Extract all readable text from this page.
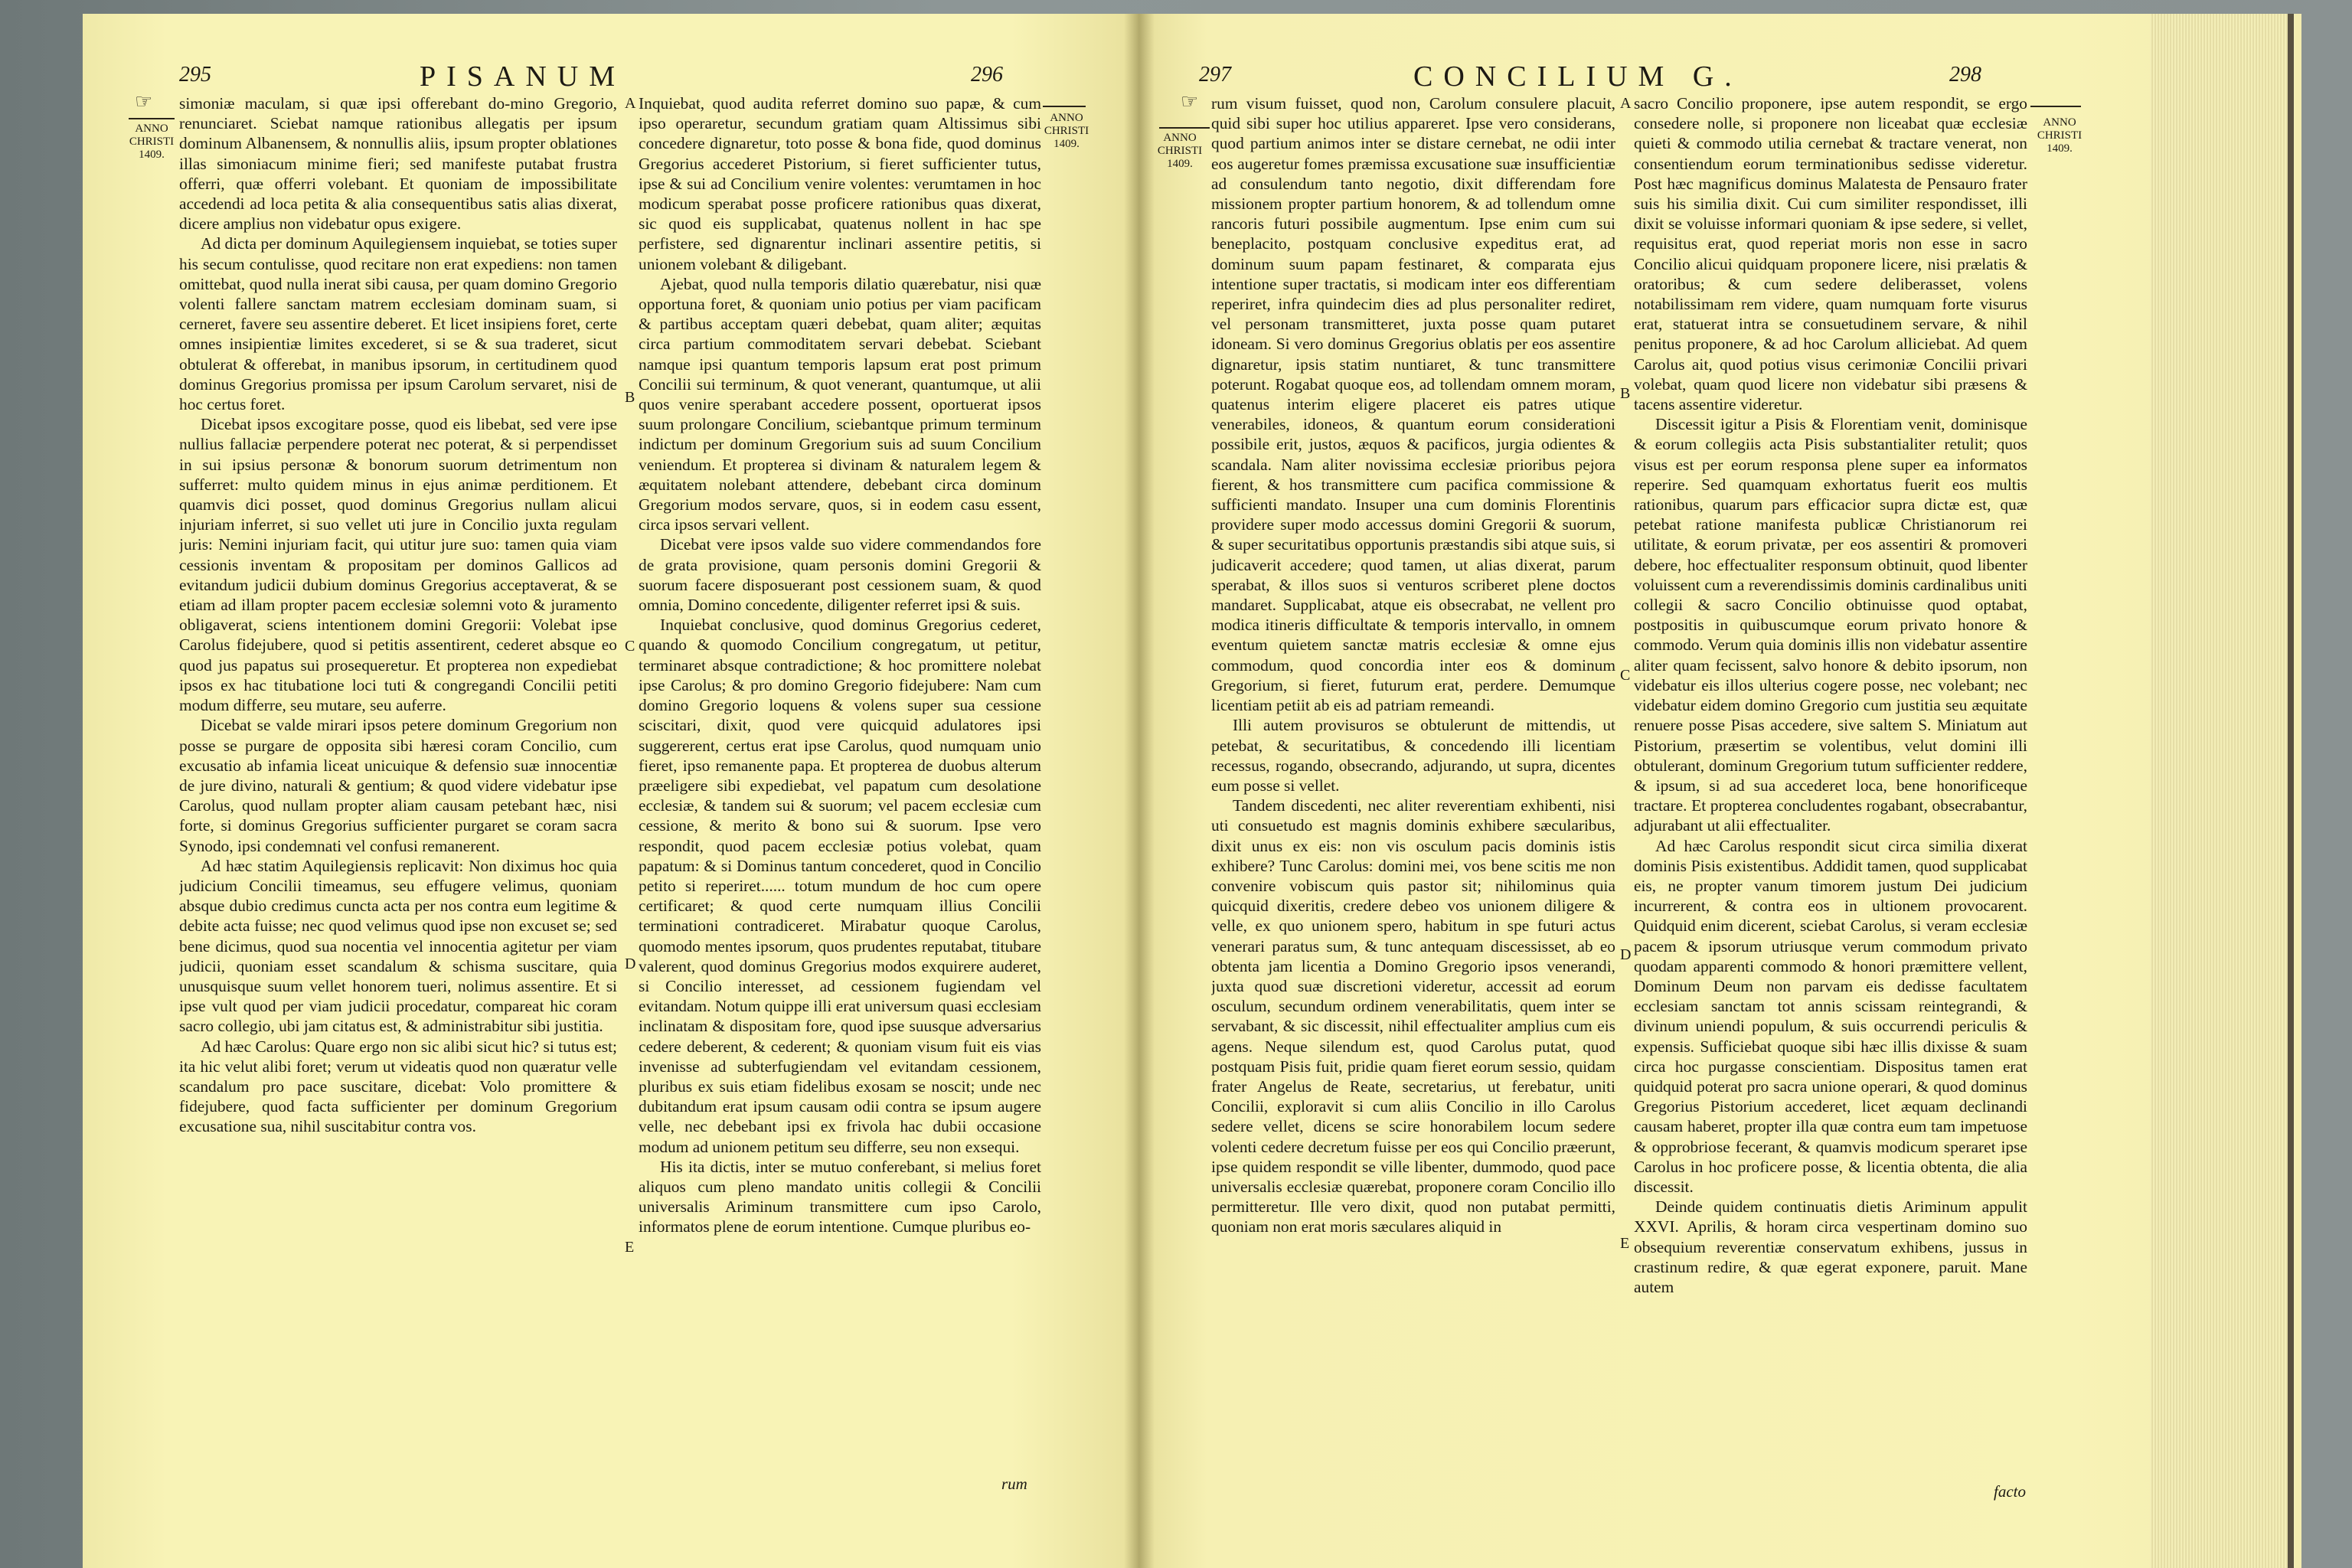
295	PISANUM	296
☞
ANNO
CHRISTI
1409.

simoniæ maculam, si quæ ipsi offerebant do-mino Gregorio, renunciaret. Sciebat namque rationibus allegatis per ipsum dominum Albanensem, & nonnullis aliis, ipsum propter oblationes illas simoniacum minime fieri; sed manifeste putabat frustra offerri, quæ offerri volebant. Et quoniam de impossibilitate accedendi ad loca petita & alia consequentibus satis alias dixerat, dicere amplius non videbatur opus exigere.

Ad dicta per dominum Aquilegiensem inquiebat, se toties super his secum contulisse, quod recitare non erat expediens: non tamen omittebat, quod nulla inerat sibi causa, per quam domino Gregorio volenti fallere sanctam matrem ecclesiam dominam suam, si cerneret, favere seu assentire deberet. Et licet insipiens foret, certe omnes insipientiæ limites excederet, si se & sua traderet, sicut obtulerat & offerebat, in manibus ipsorum, in certitudinem quod dominus Gregorius promissa per ipsum Carolum servaret, nisi de hoc certus foret.

Dicebat ipsos excogitare posse, quod eis libebat, sed vere ipse nullius fallaciæ perpendere poterat nec poterat, & si perpendisset in sui ipsius personæ & bonorum suorum detrimentum non sufferret: multo quidem minus in ejus animæ perditionem. Et quamvis dici posset, quod dominus Gregorius nullam alicui injuriam inferret, si suo vellet uti jure in Concilio juxta regulam juris: Nemini injuriam facit, qui utitur jure suo: tamen quia viam cessionis inventam & propositam per dominos Gallicos ad evitandum judicii dubium dominus Gregorius acceptaverat, & se etiam ad illam propter pacem ecclesiæ solemni voto & juramento obligaverat, sciens intentionem domini Gregorii: Volebat ipse Carolus fidejubere, quod si petitis assentirent, cederet absque eo quod jus papatus sui prosequeretur. Et propterea non expediebat ipsos ex hac titubatione loci tuti & congregandi Concilii petiti modum differre, seu mutare, seu auferre.

Dicebat se valde mirari ipsos petere dominum Gregorium non posse se purgare de opposita sibi hæresi coram Concilio, cum excusatio ab infamia liceat unicuique & defensio suæ innocentiæ de jure divino, naturali & gentium; & quod videre videbatur ipse Carolus, quod nullam propter aliam causam petebant hæc, nisi forte, si dominus Gregorius sufficienter purgaret se coram sacra Synodo, ipsi condemnati vel confusi remanerent.

Ad hæc statim Aquilegiensis replicavit: Non diximus hoc quia judicium Concilii timeamus, seu effugere velimus, quoniam absque dubio credimus cuncta acta per nos contra eum legitime & debite acta fuisse; nec quod velimus quod ipse non excuset se; sed bene dicimus, quod sua nocentia vel innocentia agitetur per viam judicii, quoniam esset scandalum & schisma suscitare, quia unusquisque suum vellet honorem tueri, nolimus assentire. Et si ipse vult quod per viam judicii procedatur, compareat hic coram sacro collegio, ubi jam citatus est, & administrabitur sibi justitia.

Ad hæc Carolus: Quare ergo non sic alibi sicut hic? si tutus est; ita hic velut alibi foret; verum ut videatis quod non quæratur velle scandalum pro pace suscitare, dicebat: Volo promittere & fidejubere, quod facta sufficienter per dominum Gregorium excusatione sua, nihil suscitabitur contra vos.

A
B
C
D
E

Inquiebat, quod audita referret domino suo papæ, & cum ipso operaretur, secundum gratiam quam Altissimus sibi concedere dignaretur, toto posse & bona fide, quod dominus Gregorius accederet Pistorium, si fieret sufficienter tutus, ipse & sui ad Concilium venire volentes: verumtamen in hoc modicum sperabat posse proficere rationibus quas dixerat, sic quod eis supplicabat, quatenus nollent in hac spe perfistere, sed dignarentur inclinari assentire petitis, si unionem volebant & diligebant.

Ajebat, quod nulla temporis dilatio quærebatur, nisi quæ opportuna foret, & quoniam unio potius per viam pacificam & partibus acceptam quæri debebat, quam aliter; æquitas circa partium commoditatem servari debebat. Sciebant namque ipsi quantum temporis lapsum erat post primum Concilii sui terminum, & quot venerant, quantumque, ut alii quos venire sperabant accedere possent, oportuerat ipsos suum prolongare Concilium, sciebantque primum terminum indictum per dominum Gregorium suis ad suum Concilium veniendum. Et propterea si divinam & naturalem legem & æquitatem nolebant attendere, debebant circa dominum Gregorium modos servare, quos, si in eodem casu essent, circa ipsos servari vellent.

Dicebat vere ipsos valde suo videre commendandos fore de grata provisione, quam personis domini Gregorii & suorum facere disposuerant post cessionem suam, & quod omnia, Domino concedente, diligenter referret ipsi & suis.

Inquiebat conclusive, quod dominus Gregorius cederet, quando & quomodo Concilium congregatum, ut petitur, terminaret absque contradictione; & hoc promittere nolebat ipse Carolus; & pro domino Gregorio fidejubere: Nam cum domino Gregorio loquens & volens super sua cessione sciscitari, dixit, quod vere quicquid adulatores ipsi suggererent, certus erat ipse Carolus, quod numquam unio fieret, ipso remanente papa. Et propterea de duobus alterum præeligere sibi expediebat, vel papatum cum desolatione ecclesiæ, & tandem sui & suorum; vel pacem ecclesiæ cum cessione, & merito & bono sui & suorum. Ipse vero respondit, quod pacem ecclesiæ potius volebat, quam papatum: & si Dominus tantum concederet, quod in Concilio petito si reperiret...... totum mundum de hoc cum opere certificaret; & quod certe numquam illius Concilii terminationi contradiceret. Mirabatur quoque Carolus, quomodo mentes ipsorum, quos prudentes reputabat, titubare valerent, quod dominus Gregorius modos exquirere auderet, si Concilio interesset, ad cessionem fugiendam vel evitandam. Notum quippe illi erat universum quasi ecclesiam inclinatam & dispositam fore, quod ipse suusque adversarius cedere deberent, & cederent; & quoniam visum fuit eis vias invenisse ad subterfugiendam vel evitandam cessionem, pluribus ex suis etiam fidelibus exosam se noscit; unde nec dubitandum erat ipsum causam odii contra se ipsum augere velle, nec debebant ipsi ex frivola hac dubii occasione modum ad unionem petitum seu differre, seu non exsequi.

His ita dictis, inter se mutuo conferebant, si melius foret aliquos cum pleno mandato unitis collegii & Concilii universalis Ariminum transmittere cum ipso Carolo, informatos plene de eorum intentione. Cumque pluribus eo-

rum
ANNO
CHRISTI
1409.
297	CONCILIUM G.	298
☞
ANNO
CHRISTI
1409.

rum visum fuisset, quod non, Carolum consulere placuit, quid sibi super hoc utilius appareret. Ipse vero considerans, quod partium animos inter se distare cernebat, ne odii inter eos augeretur fomes præmissa excusatione suæ insufficientiæ ad consulendum tanto negotio, dixit differendam fore missionem propter partium honorem, & ad tollendum omne rancoris futuri possibile augmentum. Ipse enim cum sui beneplacito, postquam conclusive expeditus erat, ad dominum suum papam festinaret, & comparata ejus intentione super tractatis, si modicam inter eos differentiam reperiret, infra quindecim dies ad plus personaliter rediret, vel personam transmitteret, juxta posse quam putaret idoneam. Si vero dominus Gregorius oblatis per eos assentire dignaretur, ipsis statim nuntiaret, & tunc transmittere poterunt. Rogabat quoque eos, ad tollendam omnem moram, quatenus interim eligere placeret eis patres utique venerabiles, idoneos, & quantum eorum considerationi possibile erit, justos, æquos & pacificos, jurgia odientes & scandala. Nam aliter novissima ecclesiæ prioribus pejora fierent, & hos transmittere cum pacifica commissione & sufficienti mandato. Insuper una cum dominis Florentinis providere super modo accessus domini Gregorii & suorum, & super securitatibus opportunis præstandis sibi atque suis, si judicaverit accedere; quod tamen, ut alias dixerat, parum sperabat, & illos suos si venturos scriberet plene doctos mandaret. Supplicabat, atque eis obsecrabat, ne vellent pro modica itineris difficultate & temporis intervallo, in omnem eventum quietem sanctæ matris ecclesiæ & omne ejus commodum, quod concordia inter eos & dominum Gregorium, si fieret, futurum erat, perdere. Demumque licentiam petiit ab eis ad patriam remeandi.

Illi autem provisuros se obtulerunt de mittendis, ut petebat, & securitatibus, & concedendo illi licentiam recessus, rogando, obsecrando, adjurando, ut supra, dicentes eum posse si vellet.

Tandem discedenti, nec aliter reverentiam exhibenti, nisi uti consuetudo est magnis dominis exhibere sæcularibus, dixit unus ex eis: non vis osculum pacis dominis istis exhibere? Tunc Carolus: domini mei, vos bene scitis me non convenire vobiscum quis pastor sit; nihilominus quia quicquid dixeritis, credere debeo vos unionem diligere & velle, ex quo unionem spero, habitum in spe futuri actus venerari paratus sum, & tunc antequam discessisset, ab eo obtenta jam licentia a Domino Gregorio ipsos venerandi, juxta quod suæ discretioni videretur, accessit ad eorum osculum, secundum ordinem venerabilitatis, quem inter se servabant, & sic discessit, nihil effectualiter amplius cum eis agens. Neque silendum est, quod Carolus putat, quod postquam Pisis fuit, pridie quam fieret eorum sessio, quidam frater Angelus de Reate, secretarius, ut ferebatur, uniti Concilii, exploravit si cum aliis Concilio in illo Carolus sedere vellet, dicens se scire honorabilem locum sedere volenti cedere decretum fuisse per eos qui Concilio præerunt, ipse quidem respondit se ville libenter, dummodo, quod pace universalis ecclesiæ quærebat, proponere coram Concilio illo permitteretur. Ille vero dixit, quod non putabat permitti, quoniam non erat moris sæculares aliquid in

A
B
C
D
E

sacro Concilio proponere, ipse autem respondit, se ergo consedere nolle, si proponere non liceabat quæ ecclesiæ quieti & commodo utilia cernebat & tractare venerat, non consentiendum eorum terminationibus sedisse videretur. Post hæc magnificus dominus Malatesta de Pensauro frater suis his similia dixit. Cui cum similiter respondisset, illi dixit se voluisse informari quoniam & ipse sedere, si vellet, requisitus erat, quod reperiat moris non esse in sacro Concilio alicui quidquam proponere licere, nisi prælatis & oratoribus; & cum sedere deliberasset, volens notabilissimam rem videre, quam numquam forte visurus erat, statuerat intra se consuetudinem servare, & nihil penitus proponere, & ad hoc Carolum alliciebat. Ad quem Carolus ait, quod potius visus cerimoniæ Concilii privari volebat, quam quod licere non videbatur sibi præsens & tacens assentire videretur.

Discessit igitur a Pisis & Florentiam venit, dominisque & eorum collegiis acta Pisis substantialiter retulit; quos visus est per eorum responsa plene super ea informatos reperire. Sed quamquam exhortatus fuerit eos multis rationibus, quarum pars efficacior supra dictæ est, quæ petebat ratione manifesta publicæ Christianorum rei utilitate, & eorum privatæ, per eos assentiri & promoveri debere, hoc effectualiter responsum obtinuit, quod libenter voluissent cum a reverendissimis dominis cardinalibus uniti collegii & sacro Concilio obtinuisse quod optabat, postpositis in quibuscumque eorum privato honore & commodo. Verum quia dominis illis non videbatur assentire aliter quam fecissent, salvo honore & debito ipsorum, non videbatur eis illos ulterius cogere posse, nec volebant; nec videbatur eidem domino Gregorio cum justitia seu æquitate renuere posse Pisas accedere, sive saltem S. Miniatum aut Pistorium, præsertim se volentibus, velut domini illi obtulerant, dominum Gregorium tutum sufficienter reddere, & ipsum, si ad sua accederet loca, bene honorificeque tractare. Et propterea concludentes rogabant, obsecrabantur, adjurabant ut alii effectualiter.

Ad hæc Carolus respondit sicut circa similia dixerat dominis Pisis existentibus. Addidit tamen, quod supplicabat eis, ne propter vanum timorem justum Dei judicium incurrerent, & contra eos in ultionem provocarent. Quidquid enim dicerent, sciebat Carolus, si veram ecclesiæ pacem & ipsorum utriusque verum commodum privato quodam apparenti commodo & honori præmittere vellent, Dominum Deum non parvam eis dedisse facultatem ecclesiam sanctam tot annis scissam reintegrandi, & divinum uniendi populum, & suis occurrendi periculis & expensis. Sufficiebat quoque sibi hæc illis dixisse & suam circa hoc purgasse conscientiam. Dispositus tamen erat quidquid poterat pro sacra unione operari, & quod dominus Gregorius Pistorium accederet, licet æquam declinandi causam haberet, propter illa quæ contra eum tam impetuose & opprobriose fecerant, & quamvis modicum speraret ipse Carolus in hoc proficere posse, & licentia obtenta, die alia discessit.

Deinde quidem continuatis dietis Ariminum appulit XXVI. Aprilis, & horam circa vespertinam domino suo obsequium reverentiæ conservatum exhibens, jussus in crastinum redire, & quæ egerat exponere, paruit. Mane autem

facto
ANNO
CHRISTI
1409.
